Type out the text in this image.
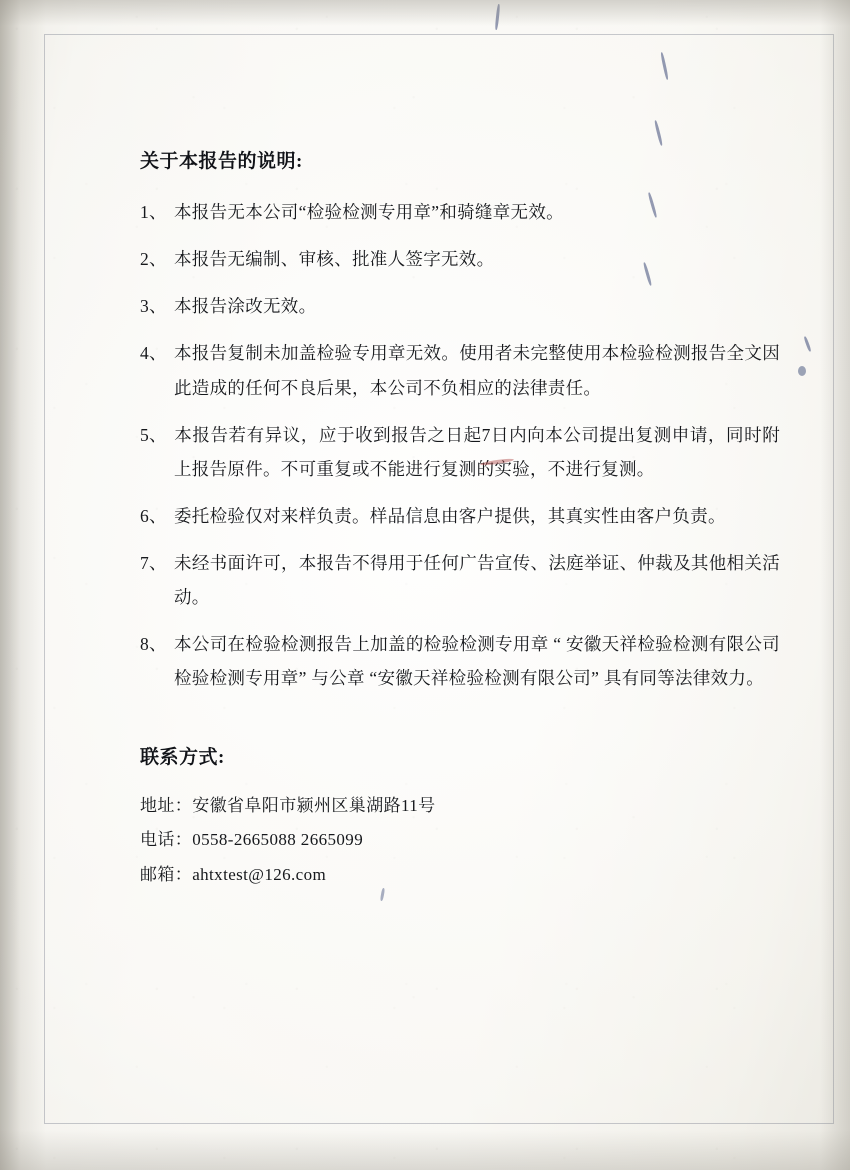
关于本报告的说明:
1、 本报告无本公司“检验检测专用章”和骑缝章无效。
2、 本报告无编制、审核、批准人签字无效。
3、 本报告涂改无效。
4、 本报告复制未加盖检验专用章无效。使用者未完整使用本检验检测报告全文因此造成的任何不良后果，本公司不负相应的法律责任。
5、 本报告若有异议，应于收到报告之日起7日内向本公司提出复测申请，同时附上报告原件。不可重复或不能进行复测的实验，不进行复测。
6、 委托检验仅对来样负责。样品信息由客户提供，其真实性由客户负责。
7、 未经书面许可，本报告不得用于任何广告宣传、法庭举证、仲裁及其他相关活动。
8、 本公司在检验检测报告上加盖的检验检测专用章 “ 安徽天祥检验检测有限公司检验检测专用章” 与公章 “安徽天祥检验检测有限公司” 具有同等法律效力。
联系方式:
地址：安徽省阜阳市颍州区巢湖路11号
电话：0558-2665088 2665099
邮箱：ahtxtest@126.com
